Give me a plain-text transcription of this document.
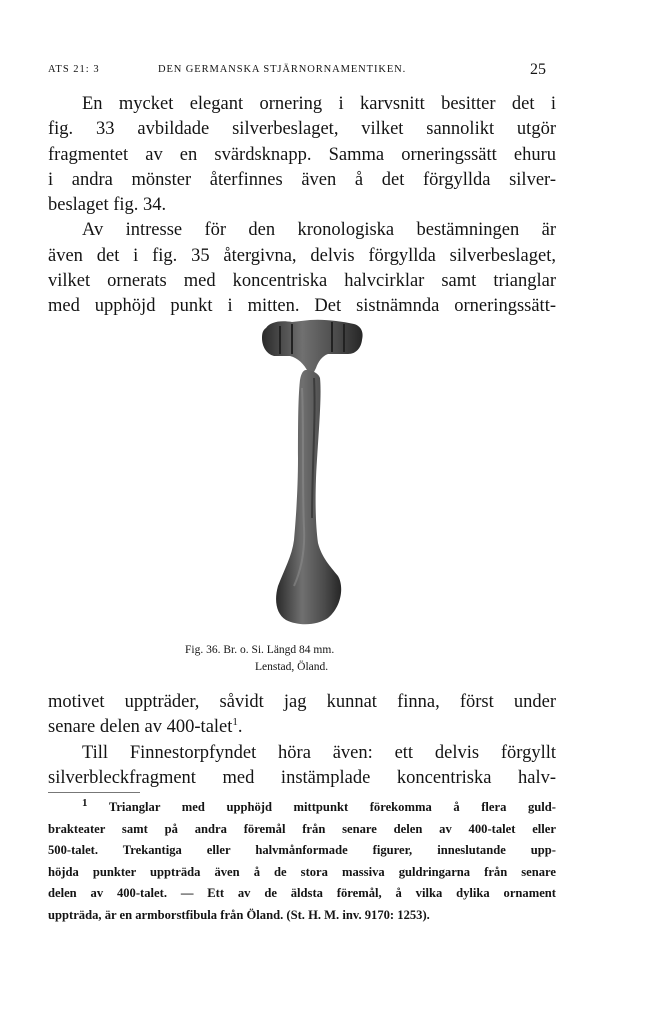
ATS 21: 3	DEN GERMANSKA STJÄRNORNAMENTIKEN.	25

En mycket elegant ornering i karvsnitt besitter det i
fig. 33 avbildade silverbeslaget, vilket sannolikt utgör
fragmentet av en svärdsknapp. Samma orneringssätt ehuru
i andra mönster återfinnes även å det förgyllda silver-
beslaget fig. 34.

Av intresse för den kronologiska bestämningen är
även det i fig. 35 återgivna, delvis förgyllda silverbeslaget,
vilket ornerats med koncentriska halvcirklar samt trianglar
med upphöjd punkt i mitten. Det sistnämnda orneringssätt-

Fig. 36. Br. o. Si. Längd 84 mm.
Lenstad, Öland.

motivet uppträder, såvidt jag kunnat finna, först under
senare delen av 400-talet$^1$.

Till Finnestorpfyndet höra även: ett delvis förgyllt
silverbleckfragment med instämplade koncentriska halv-

$^1$ Trianglar med upphöjd mittpunkt förekomma å flera guld-
brakteater samt på andra föremål från senare delen av 400-talet eller
500-talet. Trekantiga eller halvmånformade figurer, inneslutande upp-
höjda punkter uppträda även å de stora massiva guldringarna från senare
delen av 400-talet. — Ett av de äldsta föremål, å vilka dylika ornament
uppträda, är en armborstfibula från Öland. (St. H. M. inv. 9170: 1253).
